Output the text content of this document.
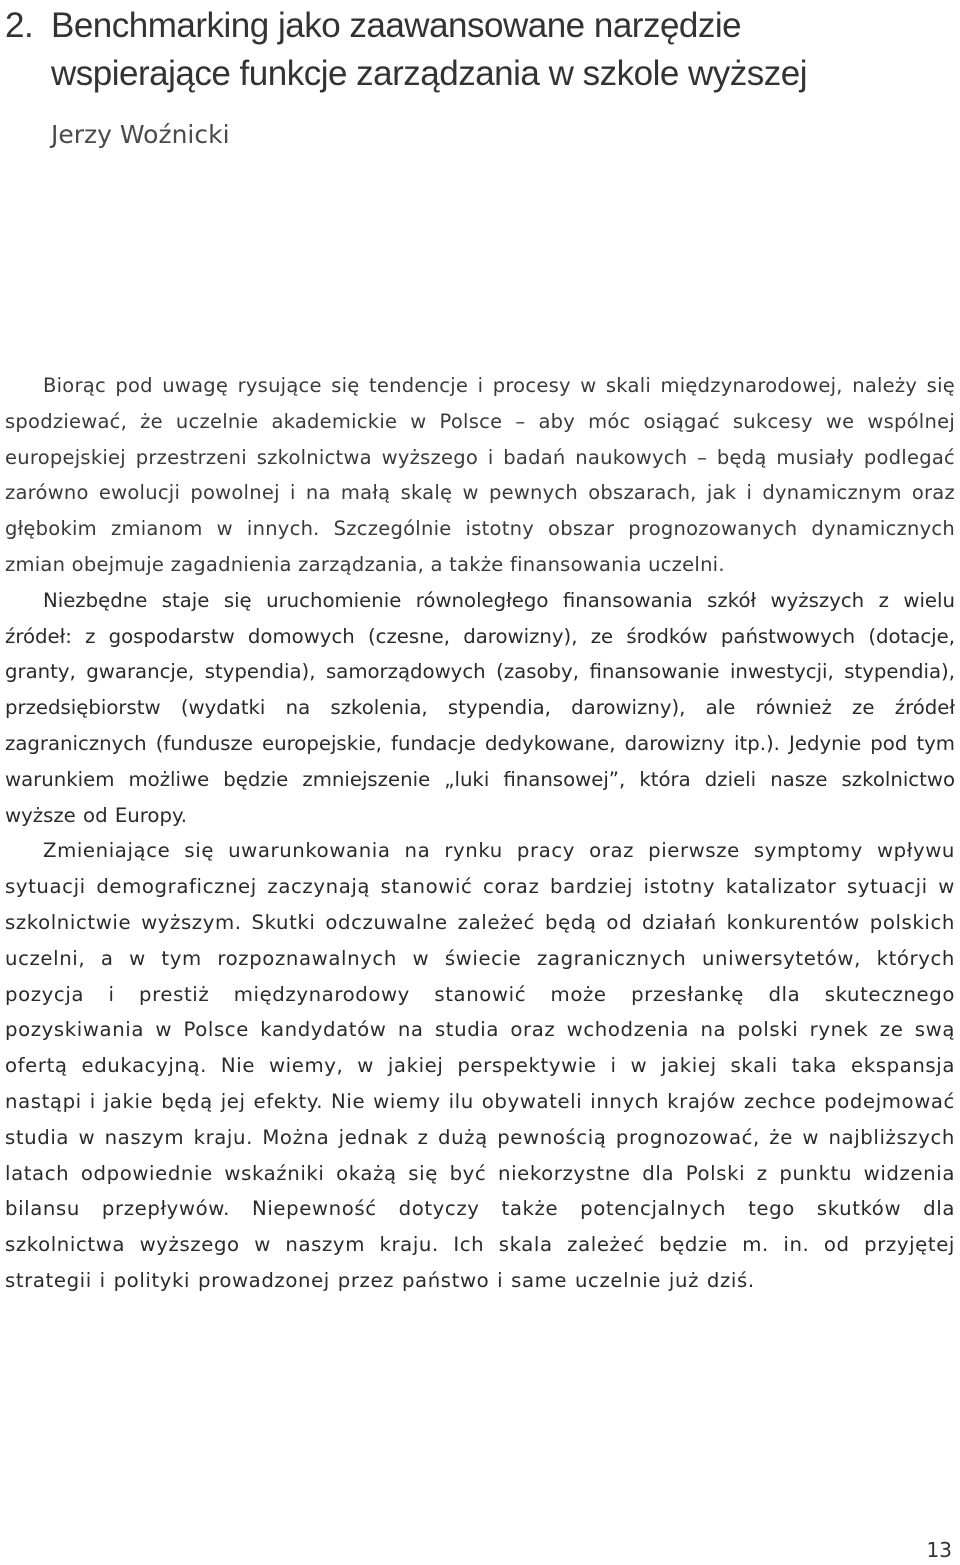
2. Benchmarking jako zaawansowane narzędzie
wspierające funkcje zarządzania w szkole wyższej
Jerzy Woźnicki

Biorąc pod uwagę rysujące się tendencje i procesy w skali międzynarodowej, należy się spodziewać, że uczelnie akademickie w Polsce – aby móc osiągać sukcesy we wspólnej europejskiej przestrzeni szkolnictwa wyższego i badań naukowych – będą musiały podlegać zarówno ewolucji powolnej i na małą skalę w pewnych obszarach, jak i dynamicznym oraz głębokim zmianom w innych. Szczególnie istotny obszar prognozowanych dynamicznych zmian obejmuje zagadnienia zarządzania, a także finansowania uczelni.

Niezbędne staje się uruchomienie równoległego finansowania szkół wyższych z wielu źródeł: z gospodarstw domowych (czesne, darowizny), ze środków państwowych (dotacje, granty, gwarancje, stypendia), samorządowych (zasoby, finansowanie inwestycji, stypendia), przedsiębiorstw (wydatki na szkolenia, stypendia, darowizny), ale również ze źródeł zagranicznych (fundusze europejskie, fundacje dedykowane, darowizny itp.). Jedynie pod tym warunkiem możliwe będzie zmniejszenie „luki finansowej”, która dzieli nasze szkolnictwo wyższe od Europy.

Zmieniające się uwarunkowania na rynku pracy oraz pierwsze symptomy wpływu sytuacji demograficznej zaczynają stanowić coraz bardziej istotny katalizator sytuacji w szkolnictwie wyższym. Skutki odczuwalne zależeć będą od działań konkurentów polskich uczelni, a w tym rozpoznawalnych w świecie zagranicznych uniwersytetów, których pozycja i prestiż międzynarodowy stanowić może przesłankę dla skutecznego pozyskiwania w Polsce kandydatów na studia oraz wchodzenia na polski rynek ze swą ofertą edukacyjną. Nie wiemy, w jakiej perspektywie i w jakiej skali taka ekspansja nastąpi i jakie będą jej efekty. Nie wiemy ilu obywateli innych krajów zechce podejmować studia w naszym kraju. Można jednak z dużą pewnością prognozować, że w najbliższych latach odpowiednie wskaźniki okażą się być niekorzystne dla Polski z punktu widzenia bilansu przepływów. Niepewność dotyczy także potencjalnych tego skutków dla szkolnictwa wyższego w naszym kraju. Ich skala zależeć będzie m. in. od przyjętej strategii i polityki prowadzonej przez państwo i same uczelnie już dziś.

13
